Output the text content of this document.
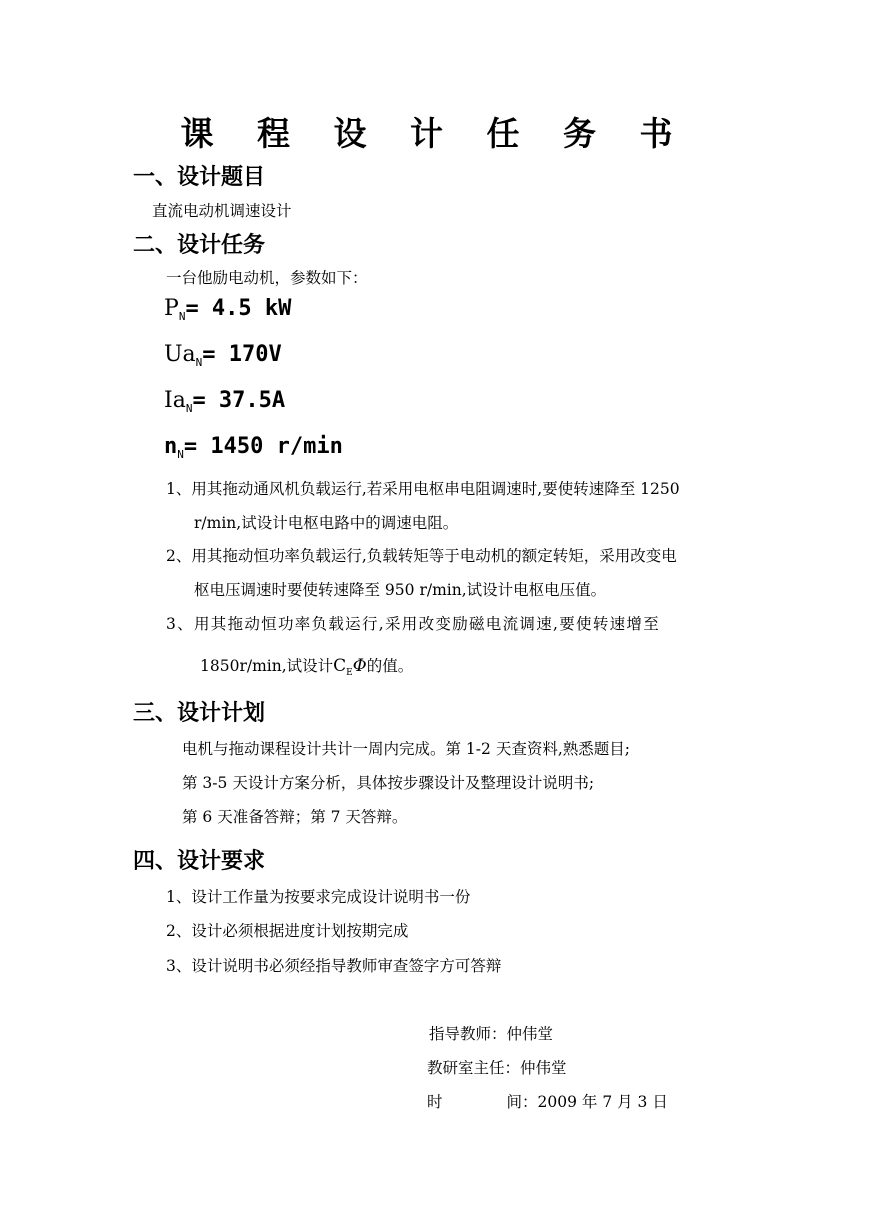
课 程 设 计 任 务 书
一、设计题目
直流电动机调速设计
二、设计任务
一台他励电动机，参数如下：
$P_N= 4.5$ kW
$Ua_N= 170V$
$Ia_N= 37.5A$
$n_N= 1450$ r/min
1、用其拖动通风机负载运行,若采用电枢串电阻调速时,要使转速降至 1250
r/min,试设计电枢电路中的调速电阻。
2、用其拖动恒功率负载运行,负载转矩等于电动机的额定转矩，采用改变电
枢电压调速时要使转速降至 950 r/min,试设计电枢电压值。
3、用其拖动恒功率负载运行,采用改变励磁电流调速,要使转速增至
1850r/min,试设计$C_E\Phi$的值。
三、设计计划
电机与拖动课程设计共计一周内完成。第 1-2 天查资料,熟悉题目;
第 3-5 天设计方案分析，具体按步骤设计及整理设计说明书;
第 6 天准备答辩；第 7 天答辩。
四、设计要求
1、设计工作量为按要求完成设计说明书一份
2、设计必须根据进度计划按期完成
3、设计说明书必须经指导教师审查签字方可答辩
指导教师：仲伟堂
教研室主任：仲伟堂
时	间：2009 年 7 月 3 日
